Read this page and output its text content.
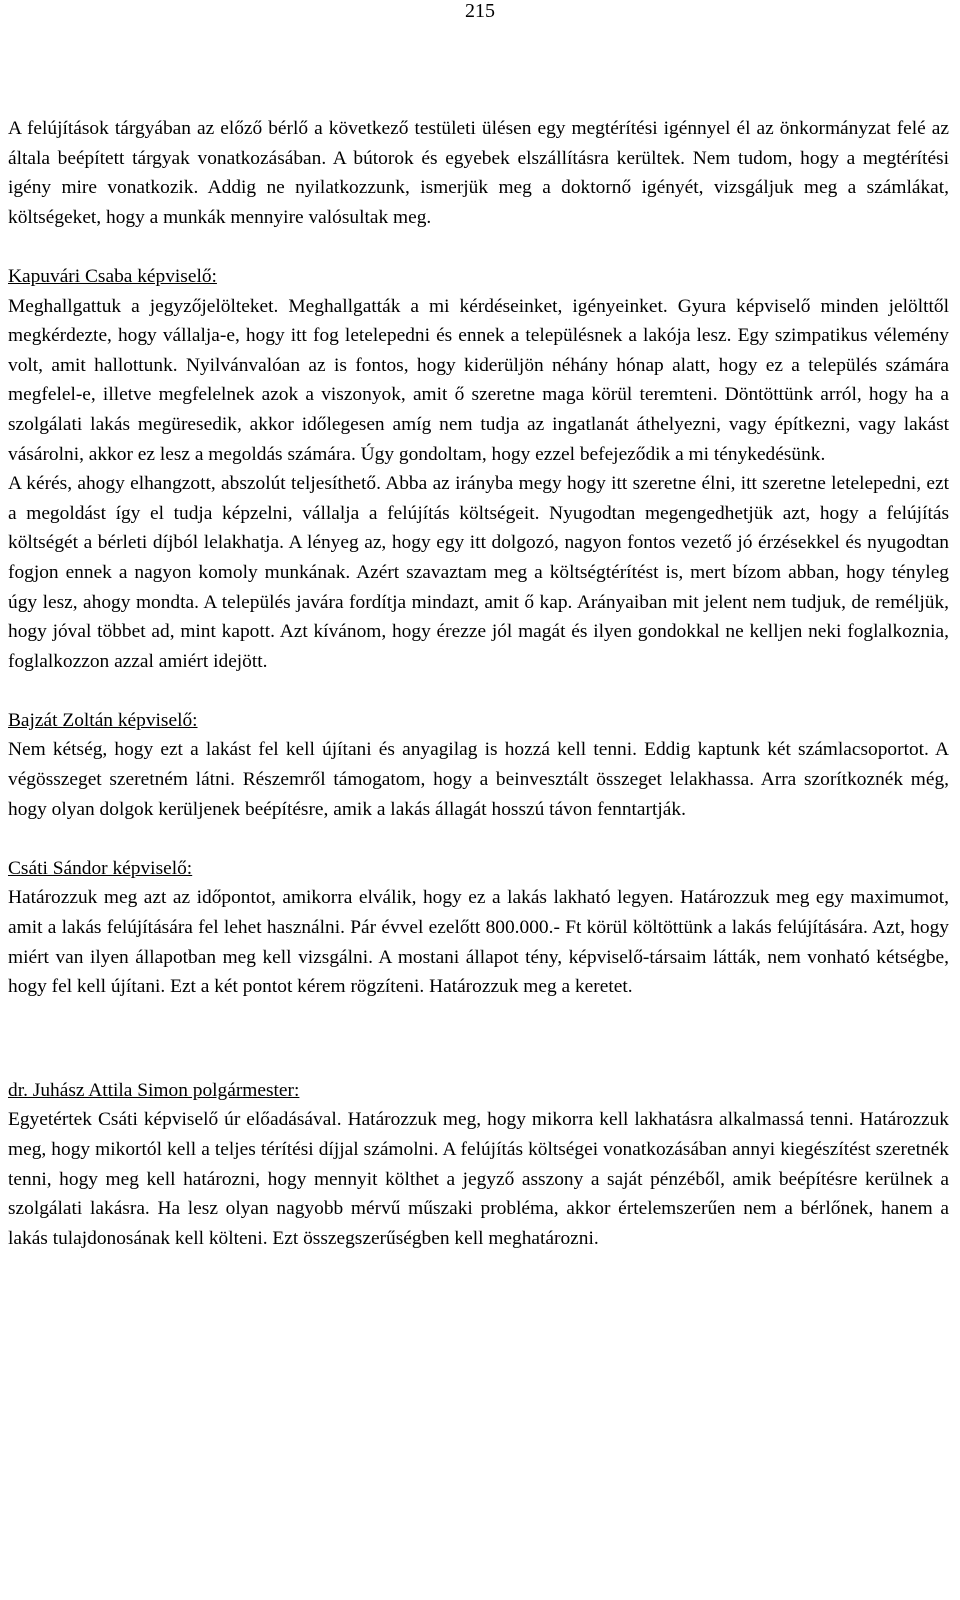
215

A felújítások tárgyában az előző bérlő a következő testületi ülésen egy megtérítési igénnyel él az önkormányzat felé az általa beépített tárgyak vonatkozásában. A bútorok és egyebek elszállításra kerültek. Nem tudom, hogy a megtérítési igény mire vonatkozik. Addig ne nyilatkozzunk, ismerjük meg a doktornő igényét, vizsgáljuk meg a számlákat, költségeket, hogy a munkák mennyire valósultak meg.

Kapuvári Csaba képviselő:

Meghallgattuk a jegyzőjelölteket. Meghallgatták a mi kérdéseinket, igényeinket. Gyura képviselő minden jelölttől megkérdezte, hogy vállalja-e, hogy itt fog letelepedni és ennek a településnek a lakója lesz. Egy szimpatikus vélemény volt, amit hallottunk. Nyilvánvalóan az is fontos, hogy kiderüljön néhány hónap alatt, hogy ez a település számára megfelel-e, illetve megfelelnek azok a viszonyok, amit ő szeretne maga körül teremteni. Döntöttünk arról, hogy ha a szolgálati lakás megüresedik, akkor időlegesen amíg nem tudja az ingatlanát áthelyezni, vagy építkezni, vagy lakást vásárolni, akkor ez lesz a megoldás számára. Úgy gondoltam, hogy ezzel befejeződik a mi ténykedésünk.

A kérés, ahogy elhangzott, abszolút teljesíthető. Abba az irányba megy hogy itt szeretne élni, itt szeretne letelepedni, ezt a megoldást így el tudja képzelni, vállalja a felújítás költségeit. Nyugodtan megengedhetjük azt, hogy a felújítás költségét a bérleti díjból lelakhatja. A lényeg az, hogy egy itt dolgozó, nagyon fontos vezető jó érzésekkel és nyugodtan fogjon ennek a nagyon komoly munkának. Azért szavaztam meg a költségtérítést is, mert bízom abban, hogy tényleg úgy lesz, ahogy mondta. A település javára fordítja mindazt, amit ő kap. Arányaiban mit jelent nem tudjuk, de reméljük, hogy jóval többet ad, mint kapott. Azt kívánom, hogy érezze jól magát és ilyen gondokkal ne kelljen neki foglalkoznia, foglalkozzon azzal amiért idejött.

Bajzát Zoltán képviselő:

Nem kétség, hogy ezt a lakást fel kell újítani és anyagilag is hozzá kell tenni. Eddig kaptunk két számlacsoportot. A végösszeget szeretném látni. Részemről támogatom, hogy a beinvesztált összeget lelakhassa. Arra szorítkoznék még, hogy olyan dolgok kerüljenek beépítésre, amik a lakás állagát hosszú távon fenntartják.

Csáti Sándor képviselő:

Határozzuk meg azt az időpontot, amikorra elválik, hogy ez a lakás lakható legyen. Határozzuk meg egy maximumot, amit a lakás felújítására fel lehet használni. Pár évvel ezelőtt 800.000.- Ft körül költöttünk a lakás felújítására. Azt, hogy miért van ilyen állapotban meg kell vizsgálni. A mostani állapot tény, képviselő-társaim látták, nem vonható kétségbe, hogy fel kell újítani. Ezt a két pontot kérem rögzíteni. Határozzuk meg a keretet.

dr. Juhász Attila Simon polgármester:

Egyetértek Csáti képviselő úr előadásával. Határozzuk meg, hogy mikorra kell lakhatásra alkalmassá tenni. Határozzuk meg, hogy mikortól kell a teljes térítési díjjal számolni. A felújítás költségei vonatkozásában annyi kiegészítést szeretnék tenni, hogy meg kell határozni, hogy mennyit költhet a jegyző asszony a saját pénzéből, amik beépítésre kerülnek a szolgálati lakásra. Ha lesz olyan nagyobb mérvű műszaki probléma, akkor értelemszerűen nem a bérlőnek, hanem a lakás tulajdonosának kell költeni. Ezt összegszerűségben kell meghatározni.
